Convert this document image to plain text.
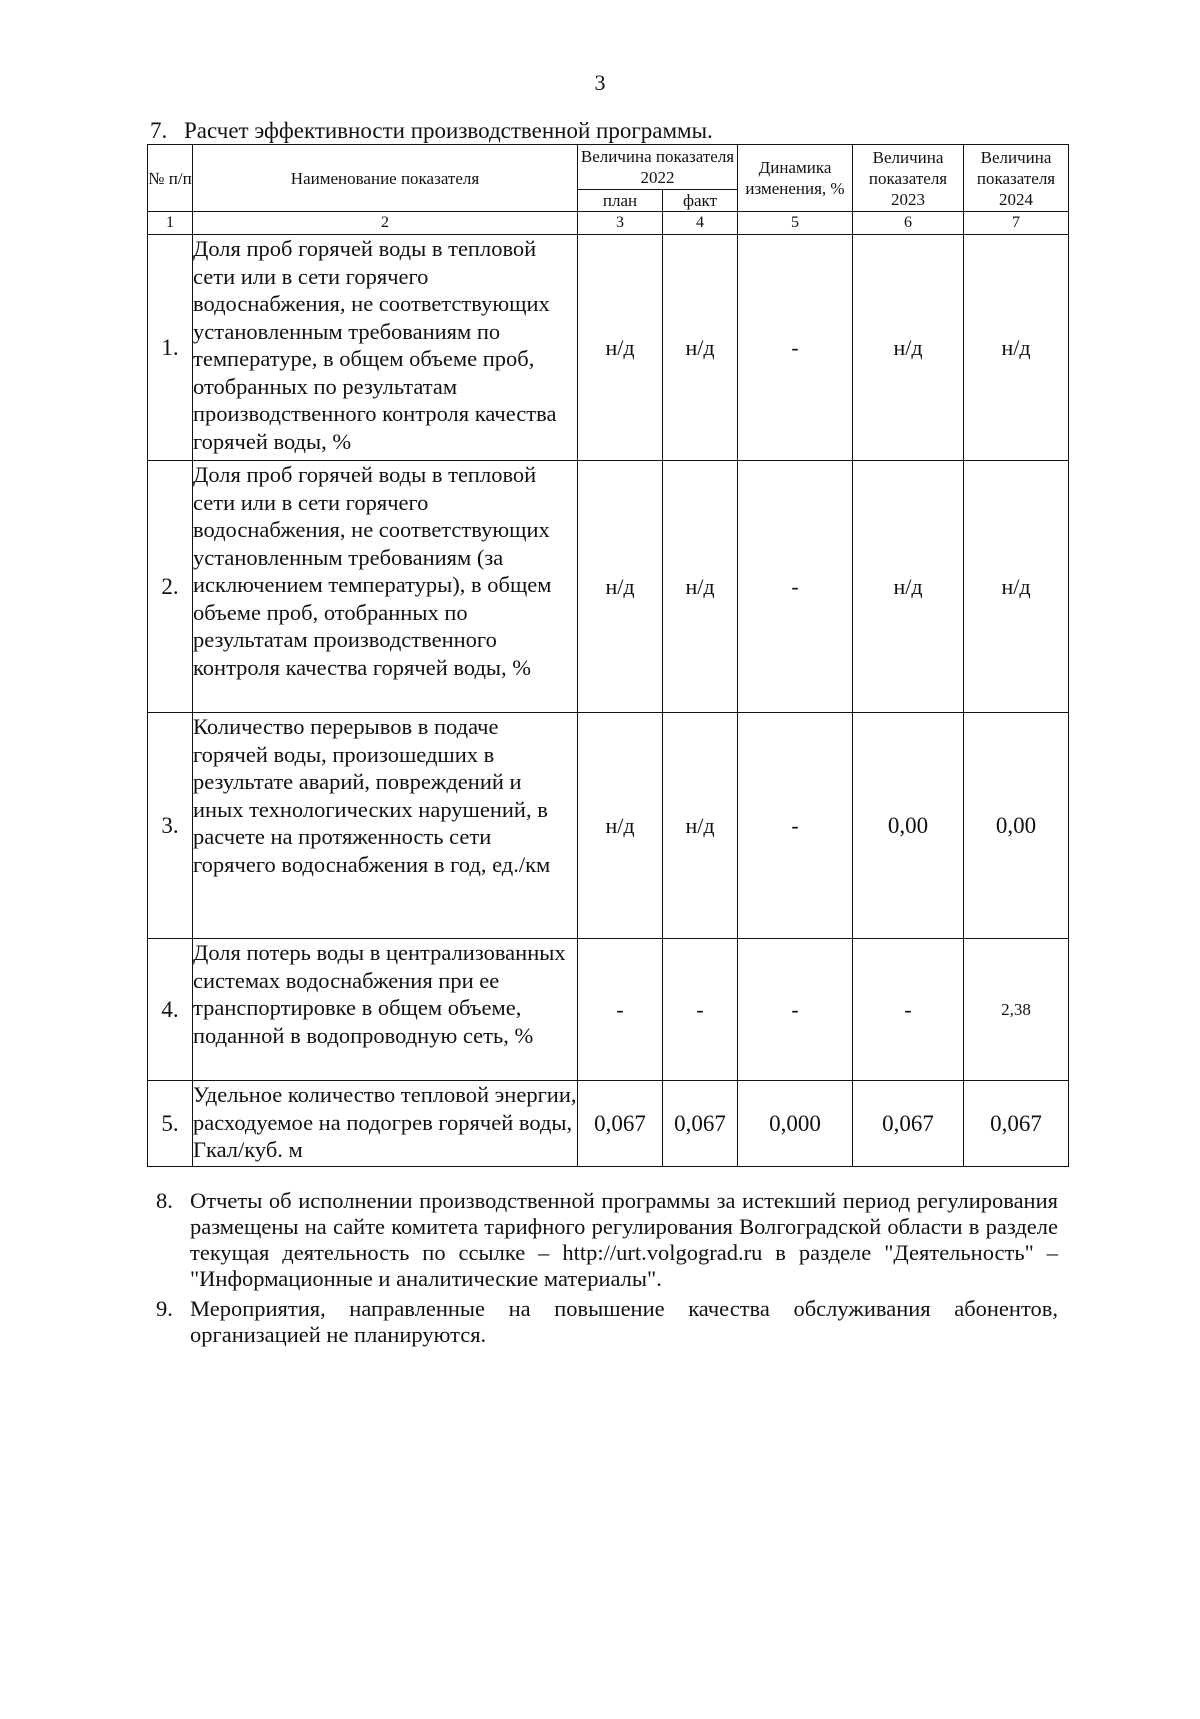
3
7. Расчет эффективности производственной программы.
№ п/п	Наименование показателя	Величина показателя 2022		Динамика изменения, %	Величина показателя 2023	Величина показателя 2024
		план	факт			
1	2	3	4	5	6	7
1.	Доля проб горячей воды в тепловой сети или в сети горячего водоснабжения, не соответствующих установленным требованиям по температуре, в общем объеме проб, отобранных по результатам производственного контроля качества горячей воды, %	н/д	н/д	-	н/д	н/д
2.	Доля проб горячей воды в тепловой сети или в сети горячего водоснабжения, не соответствующих установленным требованиям (за исключением температуры), в общем объеме проб, отобранных по результатам производственного контроля качества горячей воды, %	н/д	н/д	-	н/д	н/д
3.	Количество перерывов в подаче горячей воды, произошедших в результате аварий, повреждений и иных технологических нарушений, в расчете на протяженность сети горячего водоснабжения в год, ед./км	н/д	н/д	-	0,00	0,00
4.	Доля потерь воды в централизованных системах водоснабжения при ее транспортировке в общем объеме, поданной в водопроводную сеть, %	-	-	-	-	2,38
5.	Удельное количество тепловой энергии, расходуемое на подогрев горячей воды, Гкал/куб. м	0,067	0,067	0,000	0,067	0,067
8. Отчеты об исполнении производственной программы за истекший период регулирования размещены на сайте комитета тарифного регулирования Волгоградской области в разделе текущая деятельность по ссылке – http://urt.volgograd.ru в разделе "Деятельность" – "Информационные и аналитические материалы".
9. Мероприятия, направленные на повышение качества обслуживания абонентов, организацией не планируются.
